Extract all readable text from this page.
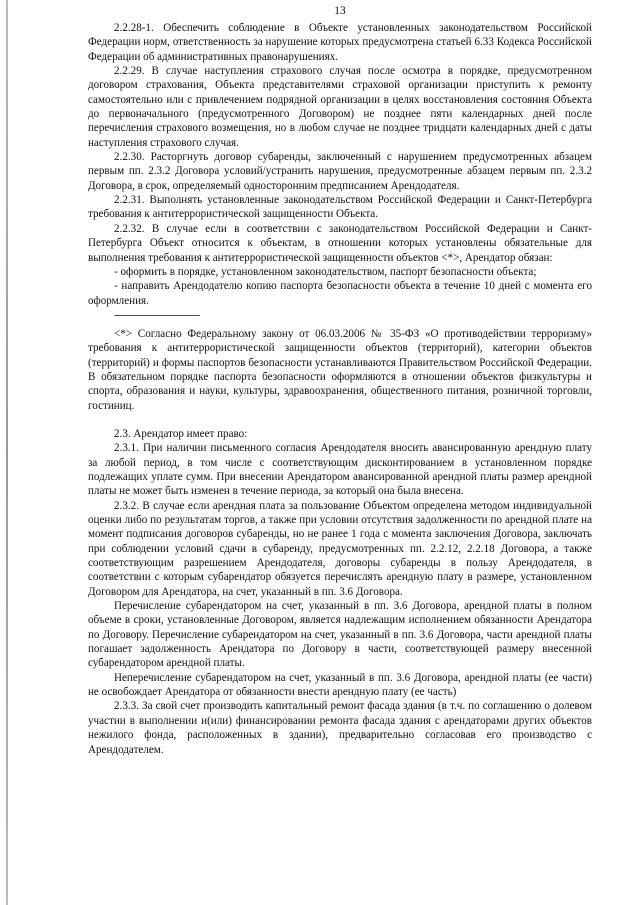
13

2.2.28-1. Обеспечить соблюдение в Объекте установленных законодательством Российской Федерации норм, ответственность за нарушение которых предусмотрена статьей 6.33 Кодекса Российской Федерации об административных правонарушениях.

2.2.29. В случае наступления страхового случая после осмотра в порядке, предусмотренном договором страхования, Объекта представителями страховой организации приступить к ремонту самостоятельно или с привлечением подрядной организации в целях восстановления состояния Объекта до первоначального (предусмотренного Договором) не позднее пяти календарных дней после перечисления страхового возмещения, но в любом случае не позднее тридцати календарных дней с даты наступления страхового случая.

2.2.30. Расторгнуть договор субаренды, заключенный с нарушением предусмотренных абзацем первым пп. 2.3.2 Договора условий/устранить нарушения, предусмотренные абзацем первым пп. 2.3.2 Договора, в срок, определяемый односторонним предписанием Арендодателя.

2.2.31. Выполнять установленные законодательством Российской Федерации и Санкт-Петербурга требования к антитеррористической защищенности Объекта.

2.2.32. В случае если в соответствии с законодательством Российской Федерации и Санкт-Петербурга Объект относится к объектам, в отношении которых установлены обязательные для выполнения требования к антитеррористической защищенности объектов <*>, Арендатор обязан:

- оформить в порядке, установленном законодательством, паспорт безопасности объекта;

- направить Арендодателю копию паспорта безопасности объекта в течение 10 дней с момента его оформления.

--------------------------------

<*> Согласно Федеральному закону от 06.03.2006 № 35-ФЗ «О противодействии терроризму» требования к антитеррористической защищенности объектов (территорий), категории объектов (территорий) и формы паспортов безопасности устанавливаются Правительством Российской Федерации. В обязательном порядке паспорта безопасности оформляются в отношении объектов физкультуры и спорта, образования и науки, культуры, здравоохранения, общественного питания, розничной торговли, гостиниц.

2.3. Арендатор имеет право:

2.3.1. При наличии письменного согласия Арендодателя вносить авансированную арендную плату за любой период, в том числе с соответствующим дисконтированием в установленном порядке подлежащих уплате сумм. При внесении Арендатором авансированной арендной платы размер арендной платы не может быть изменен в течение периода, за который она была внесена.

2.3.2. В случае если арендная плата за пользование Объектом определена методом индивидуальной оценки либо по результатам торгов, а также при условии отсутствия задолженности по арендной плате на момент подписания договоров субаренды, но не ранее 1 года с момента заключения Договора, заключать при соблюдении условий сдачи в субаренду, предусмотренных пп. 2.2.12, 2.2.18 Договора, а также соответствующим разрешением Арендодателя, договоры субаренды в пользу Арендодателя, в соответствии с которым субарендатор обязуется перечислять арендную плату в размере, установленном Договором для Арендатора, на счет, указанный в пп. 3.6 Договора.

Перечисление субарендатором на счет, указанный в пп. 3.6 Договора, арендной платы в полном объеме в сроки, установленные Договором, является надлежащим исполнением обязанности Арендатора по Договору. Перечисление субарендатором на счет, указанный в пп. 3.6 Договора, части арендной платы погашает задолженность Арендатора по Договору в части, соответствующей размеру внесенной субарендатором арендной платы.

Неперечисление субарендатором на счет, указанный в пп. 3.6 Договора, арендной платы (ее части) не освобождает Арендатора от обязанности внести арендную плату (ее часть)

2.3.3. За свой счет производить капитальный ремонт фасада здания (в т.ч. по соглашению о долевом участии в выполнении и(или) финансировании ремонта фасада здания с арендаторами других объектов нежилого фонда, расположенных в здании), предварительно согласовав его производство с Арендодателем.
